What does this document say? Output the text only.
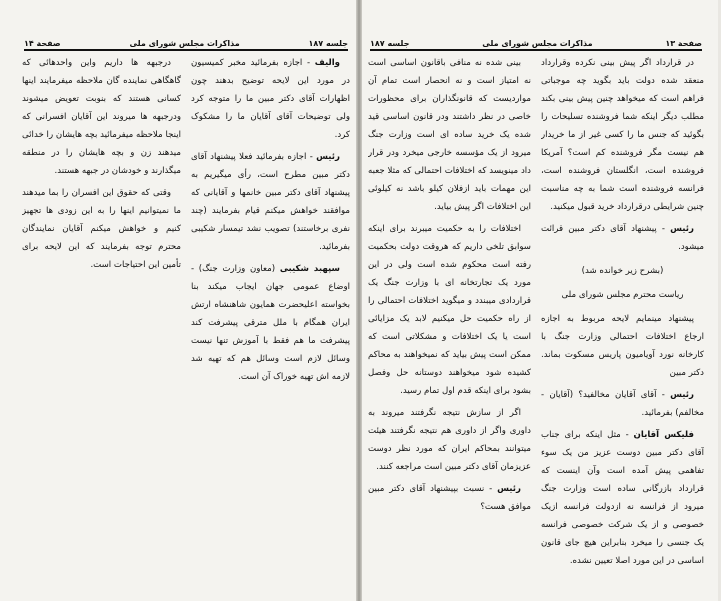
جلسه ۱۸۷
مذاکرات مجلس شورای ملی
صفحة ۱۴

والیف - اجازه بفرمائید مخبر کمیسیون در مورد این لایحه توضیح بدهند چون اظهارات آقای دکتر مبین ما را متوجه کرد ولی توضیحات آقای آقایان ما را مشکوک کرد.

رئیس - اجازه بفرمائید فعلا پیشنهاد آقای دکتر مبین مطرح است، رأی میگیریم به پیشنهاد آقای دکتر مبین خانمها و آقایانی که موافقند خواهش میکنم قیام بفرمایند (چند نفری برخاستند) تصویب نشد تیمسار شکیبی بفرمائید.

سپهبد شکیبی (معاون وزارت جنگ) - اوضاع عمومی جهان ایجاب میکند بنا بخواسته اعلیحضرت همایون شاهنشاه ارتش ایران همگام با ملل مترقی پیشرفت کند پیشرفت ما هم فقط با آموزش تنها نیست وسائل لازم است وسائل هم که تهیه شد لازمه اش تهیه خوراک آن است.

درجبهه ها داریم واین واحدهائی که گاهگاهی نماینده گان ملاحظه میفرمایند اینها کسانی هستند که بنوبت تعویض میشوند ودرجبهه ها میروند این آقایان افسرانی که اینجا ملاحظه میفرمائید بچه هایشان را خدائی میدهند زن و بچه هایشان را در منطقه میگذارند و خودشان در جبهه هستند.

وقتی که حقوق این افسران را بما میدهند ما نمیتوانیم اینها را به این زودی ها تجهیز کنیم و خواهش میکنم آقایان نمایندگان محترم توجه بفرمایند که این لایحه برای تأمین این احتیاجات است.

صفحة ۱۳
مذاکرات مجلس شورای ملی
جلسه ۱۸۷

در قرارداد اگر پیش بینی نکرده وقرارداد منعقد شده دولت باید بگوید چه موجباتی فراهم است که میخواهد چنین پیش بینی بکند مطلب دیگر اینکه شما فروشنده تسلیحات را بگوئید که جنس ما را کسی غیر از ما خریدار هم نیست مگر فروشنده کم است؟ آمریکا فروشنده است، انگلستان فروشنده است، فرانسه فروشنده است شما به چه مناسبت چنین شرایطی درقرارداد خرید قبول میکنید.

رئیس - پیشنهاد آقای دکتر مبین قرائت میشود.

(بشرح زیر خوانده شد)

ریاست محترم مجلس شورای ملی

پیشنهاد مینمایم لایحه مربوط به اجازه ارجاع اختلافات احتمالی وزارت جنگ با کارخانه نورد آویامیون پاریس مسکوت بماند. دکتر مبین

رئیس - آقای آقایان مخالفید؟ (آقایان - مخالفم) بفرمائید.

فلیکس آقایان - مثل اینکه برای جناب آقای دکتر مبین دوست عزیز من یک سوء تفاهمی پیش آمده است وآن اینست که قرارداد بازرگانی ساده است وزارت جنگ میرود از فرانسه نه ازدولت فرانسه ازیک خصوصی و از یک شرکت خصوصی فرانسه یک جنسی را میخرد بنابراین هیچ جای قانون اساسی در این مورد اصلا تعیین نشده.

بینی شده نه منافی باقانون اساسی است نه امتیاز است و نه انحصار است تمام آن مواردیست که قانونگذاران برای محظورات خاصی در نظر داشتند ودر قانون اساسی قید شده یک خرید ساده ای است وزارت جنگ میرود از یک مؤسسه خارجی میخرد ودر قرار داد مینویسد که اختلافات احتمالی که مثلا جعبه این مهمات باید ازفلان کیلو باشد نه کیلوئی این اختلافات اگر پیش بیاید.

اختلافات را به حکمیت میبرند برای اینکه سوابق تلخی داریم که هروقت دولت بحکمیت رفته است محکوم شده است ولی در این مورد یک تجارتخانه ای با وزارت جنگ یک قراردادی میبندد و میگوید اختلافات احتمالی را از راه حکمیت حل میکنیم لابد یک مزایائی است یا یک اختلافات و مشکلاتی است که ممکن است پیش بیاید که نمیخواهند به محاکم کشیده شود میخواهند دوستانه حل وفصل بشود برای اینکه قدم اول تمام رسید.

اگر از سازش نتیجه نگرفتند میروند به داوری واگر از داوری هم نتیجه نگرفتند هیئت میتوانند بمحاکم ایران که مورد نظر دوست عزیزمان آقای دکتر مبین است مراجعه کنند.

رئیس - نسبت بپیشنهاد آقای دکتر مبین موافق هست؟
